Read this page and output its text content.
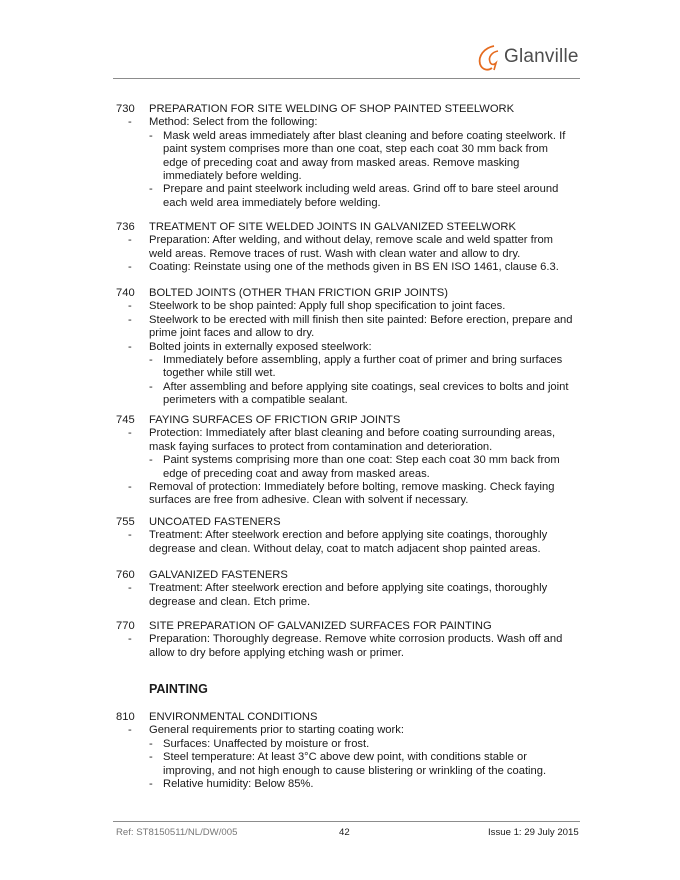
Glanville
730 PREPARATION FOR SITE WELDING OF SHOP PAINTED STEELWORK
- Method: Select from the following:
- Mask weld areas immediately after blast cleaning and before coating steelwork. If
paint system comprises more than one coat, step each coat 30 mm back from
edge of preceding coat and away from masked areas. Remove masking
immediately before welding.
- Prepare and paint steelwork including weld areas. Grind off to bare steel around
each weld area immediately before welding.
736 TREATMENT OF SITE WELDED JOINTS IN GALVANIZED STEELWORK
- Preparation: After welding, and without delay, remove scale and weld spatter from
weld areas. Remove traces of rust. Wash with clean water and allow to dry.
- Coating: Reinstate using one of the methods given in BS EN ISO 1461, clause 6.3.
740 BOLTED JOINTS (OTHER THAN FRICTION GRIP JOINTS)
- Steelwork to be shop painted: Apply full shop specification to joint faces.
- Steelwork to be erected with mill finish then site painted: Before erection, prepare and
prime joint faces and allow to dry.
- Bolted joints in externally exposed steelwork:
- Immediately before assembling, apply a further coat of primer and bring surfaces
together while still wet.
- After assembling and before applying site coatings, seal crevices to bolts and joint
perimeters with a compatible sealant.
745 FAYING SURFACES OF FRICTION GRIP JOINTS
- Protection: Immediately after blast cleaning and before coating surrounding areas,
mask faying surfaces to protect from contamination and deterioration.
- Paint systems comprising more than one coat: Step each coat 30 mm back from
edge of preceding coat and away from masked areas.
- Removal of protection: Immediately before bolting, remove masking. Check faying
surfaces are free from adhesive. Clean with solvent if necessary.
755 UNCOATED FASTENERS
- Treatment: After steelwork erection and before applying site coatings, thoroughly
degrease and clean. Without delay, coat to match adjacent shop painted areas.
760 GALVANIZED FASTENERS
- Treatment: After steelwork erection and before applying site coatings, thoroughly
degrease and clean. Etch prime.
770 SITE PREPARATION OF GALVANIZED SURFACES FOR PAINTING
- Preparation: Thoroughly degrease. Remove white corrosion products. Wash off and
allow to dry before applying etching wash or primer.
810 ENVIRONMENTAL CONDITIONS
- General requirements prior to starting coating work:
- Surfaces: Unaffected by moisture or frost.
- Steel temperature: At least 3°C above dew point, with conditions stable or
improving, and not high enough to cause blistering or wrinkling of the coating.
- Relative humidity: Below 85%.
PAINTING
Ref: ST8150511/NL/DW/005	42	Issue 1: 29 July 2015
